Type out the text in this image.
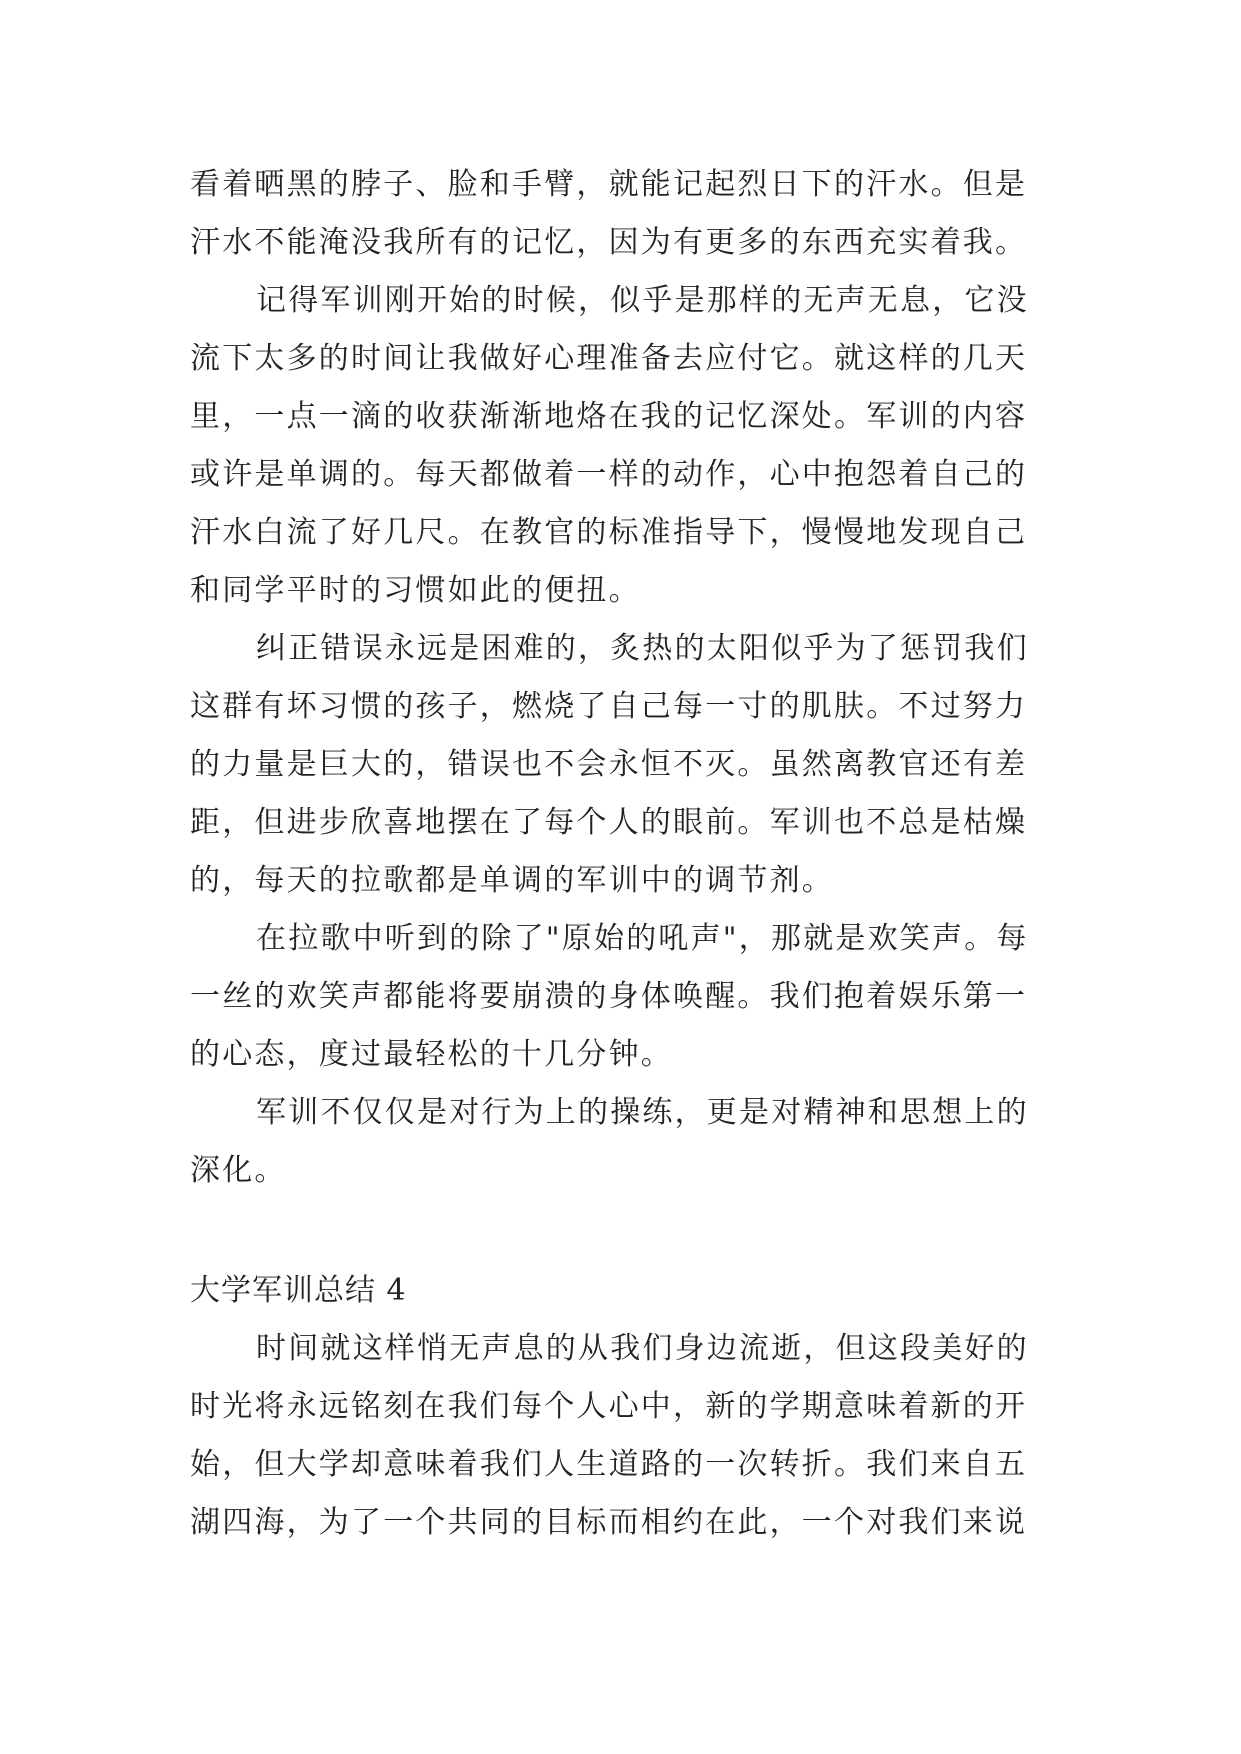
看着晒黑的脖子、脸和手臂，就能记起烈日下的汗水。但是
汗水不能淹没我所有的记忆，因为有更多的东西充实着我。
记得军训刚开始的时候，似乎是那样的无声无息，它没
流下太多的时间让我做好心理准备去应付它。就这样的几天
里，一点一滴的收获渐渐地烙在我的记忆深处。军训的内容
或许是单调的。每天都做着一样的动作，心中抱怨着自己的
汗水白流了好几尺。在教官的标准指导下，慢慢地发现自己
和同学平时的习惯如此的便扭。
纠正错误永远是困难的，炙热的太阳似乎为了惩罚我们
这群有坏习惯的孩子，燃烧了自己每一寸的肌肤。不过努力
的力量是巨大的，错误也不会永恒不灭。虽然离教官还有差
距，但进步欣喜地摆在了每个人的眼前。军训也不总是枯燥
的，每天的拉歌都是单调的军训中的调节剂。
在拉歌中听到的除了"原始的吼声"，那就是欢笑声。每
一丝的欢笑声都能将要崩溃的身体唤醒。我们抱着娱乐第一
的心态，度过最轻松的十几分钟。
军训不仅仅是对行为上的操练，更是对精神和思想上的
深化。
大学军训总结 4
时间就这样悄无声息的从我们身边流逝，但这段美好的
时光将永远铭刻在我们每个人心中，新的学期意味着新的开
始，但大学却意味着我们人生道路的一次转折。我们来自五
湖四海，为了一个共同的目标而相约在此，一个对我们来说
